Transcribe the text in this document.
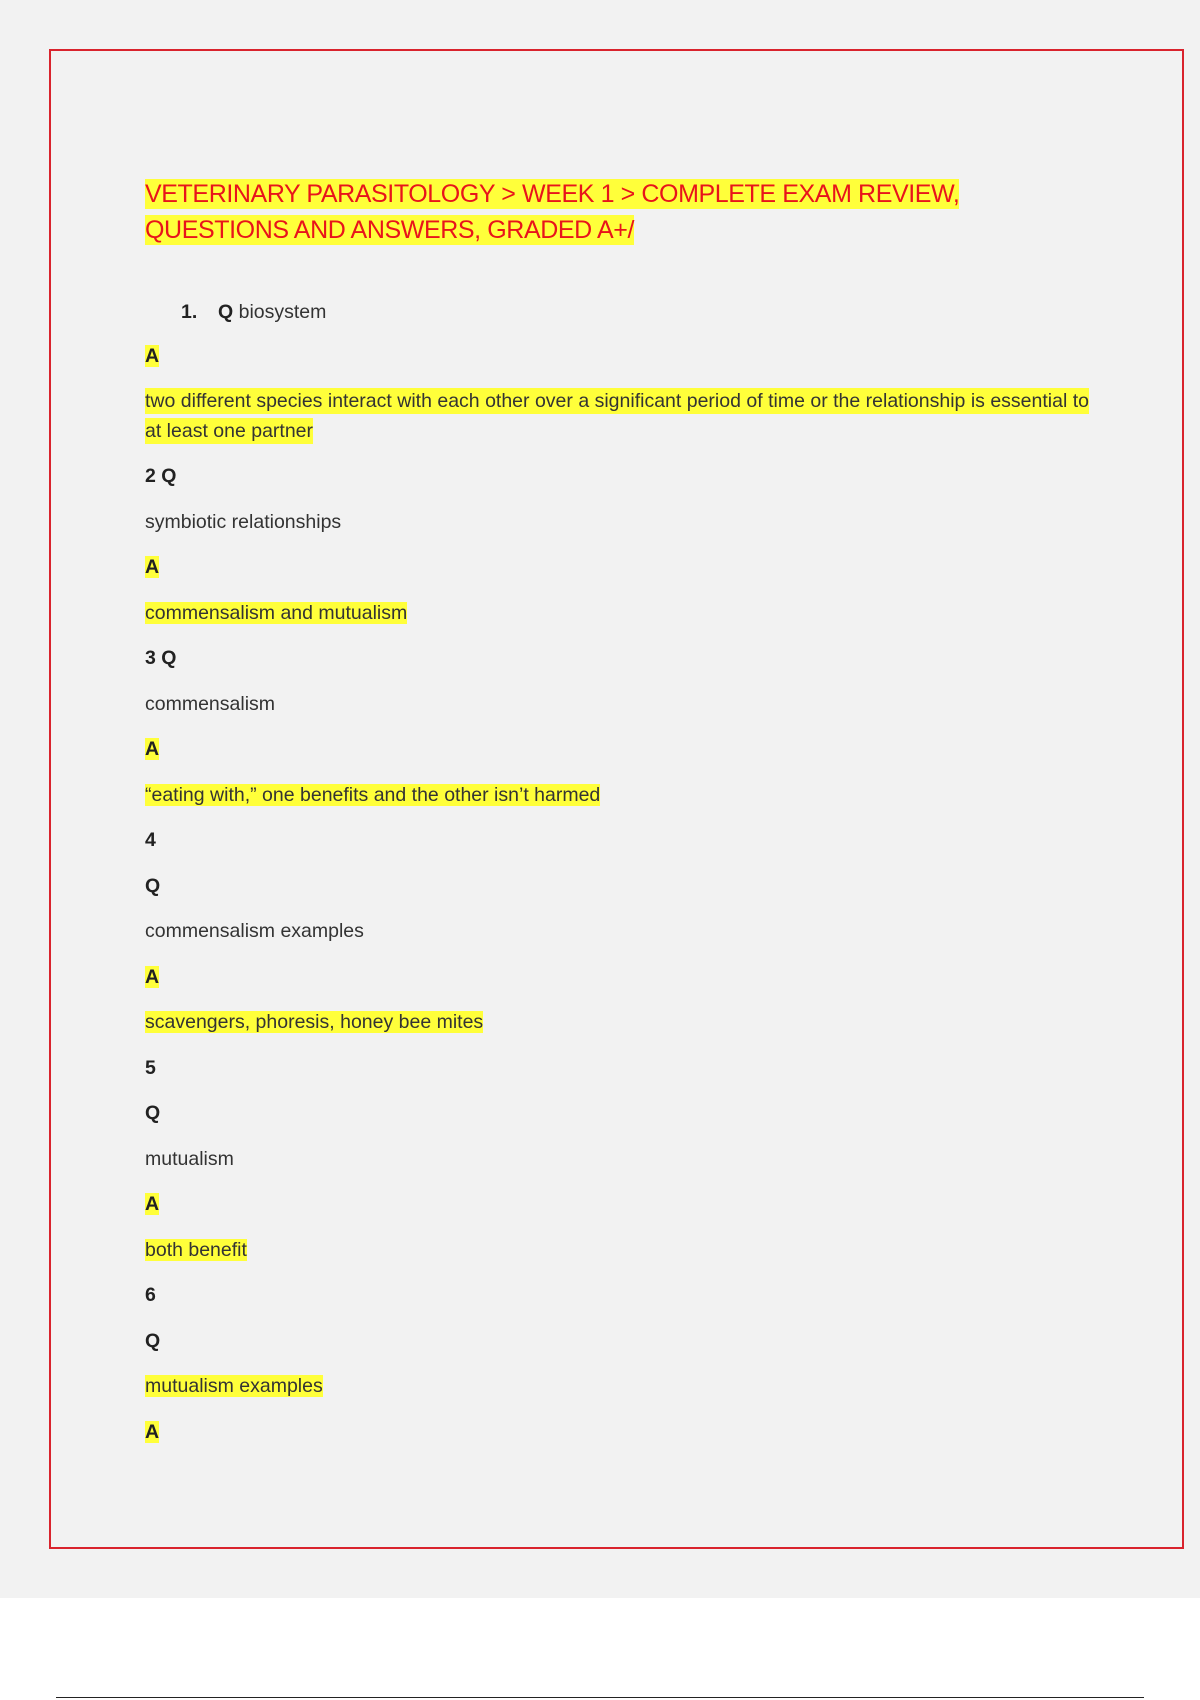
VETERINARY PARASITOLOGY > WEEK 1 > COMPLETE EXAM REVIEW, QUESTIONS AND ANSWERS, GRADED A+/
1. Q biosystem
A
two different species interact with each other over a significant period of time or the relationship is essential to at least one partner
2 Q
symbiotic relationships
A
commensalism and mutualism
3 Q
commensalism
A
“eating with,” one benefits and the other isn’t harmed
4
Q
commensalism examples
A
scavengers, phoresis, honey bee mites
5
Q
mutualism
A
both benefit
6
Q
mutualism examples
A
